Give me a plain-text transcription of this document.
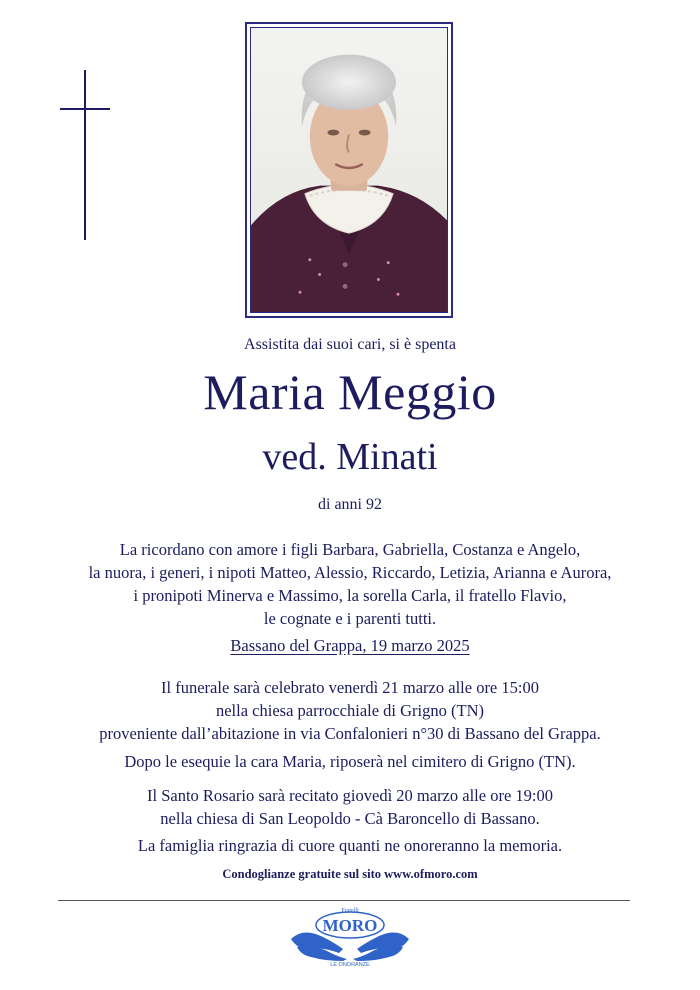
Assistita dai suoi cari, si è spenta
Maria Meggio
ved. Minati
di anni 92
La ricordano con amore i figli Barbara, Gabriella, Costanza e Angelo,
la nuora, i generi, i nipoti Matteo, Alessio, Riccardo, Letizia, Arianna e Aurora,
i pronipoti Minerva e Massimo, la sorella Carla, il fratello Flavio,
le cognate e i parenti tutti.
Bassano del Grappa, 19 marzo 2025
Il funerale sarà celebrato venerdì 21 marzo alle ore 15:00
nella chiesa parrocchiale di Grigno (TN)
proveniente dall’abitazione in via Confalonieri n°30 di Bassano del Grappa.
Dopo le esequie la cara Maria, riposerà nel cimitero di Grigno (TN).
Il Santo Rosario sarà recitato giovedì 20 marzo alle ore 19:00
nella chiesa di San Leopoldo - Cà Baroncello di Bassano.
La famiglia ringrazia di cuore quanti ne onoreranno la memoria.
Condoglianze gratuite sul sito www.ofmoro.com
Fratelli
MORO
LE ONORANZE
